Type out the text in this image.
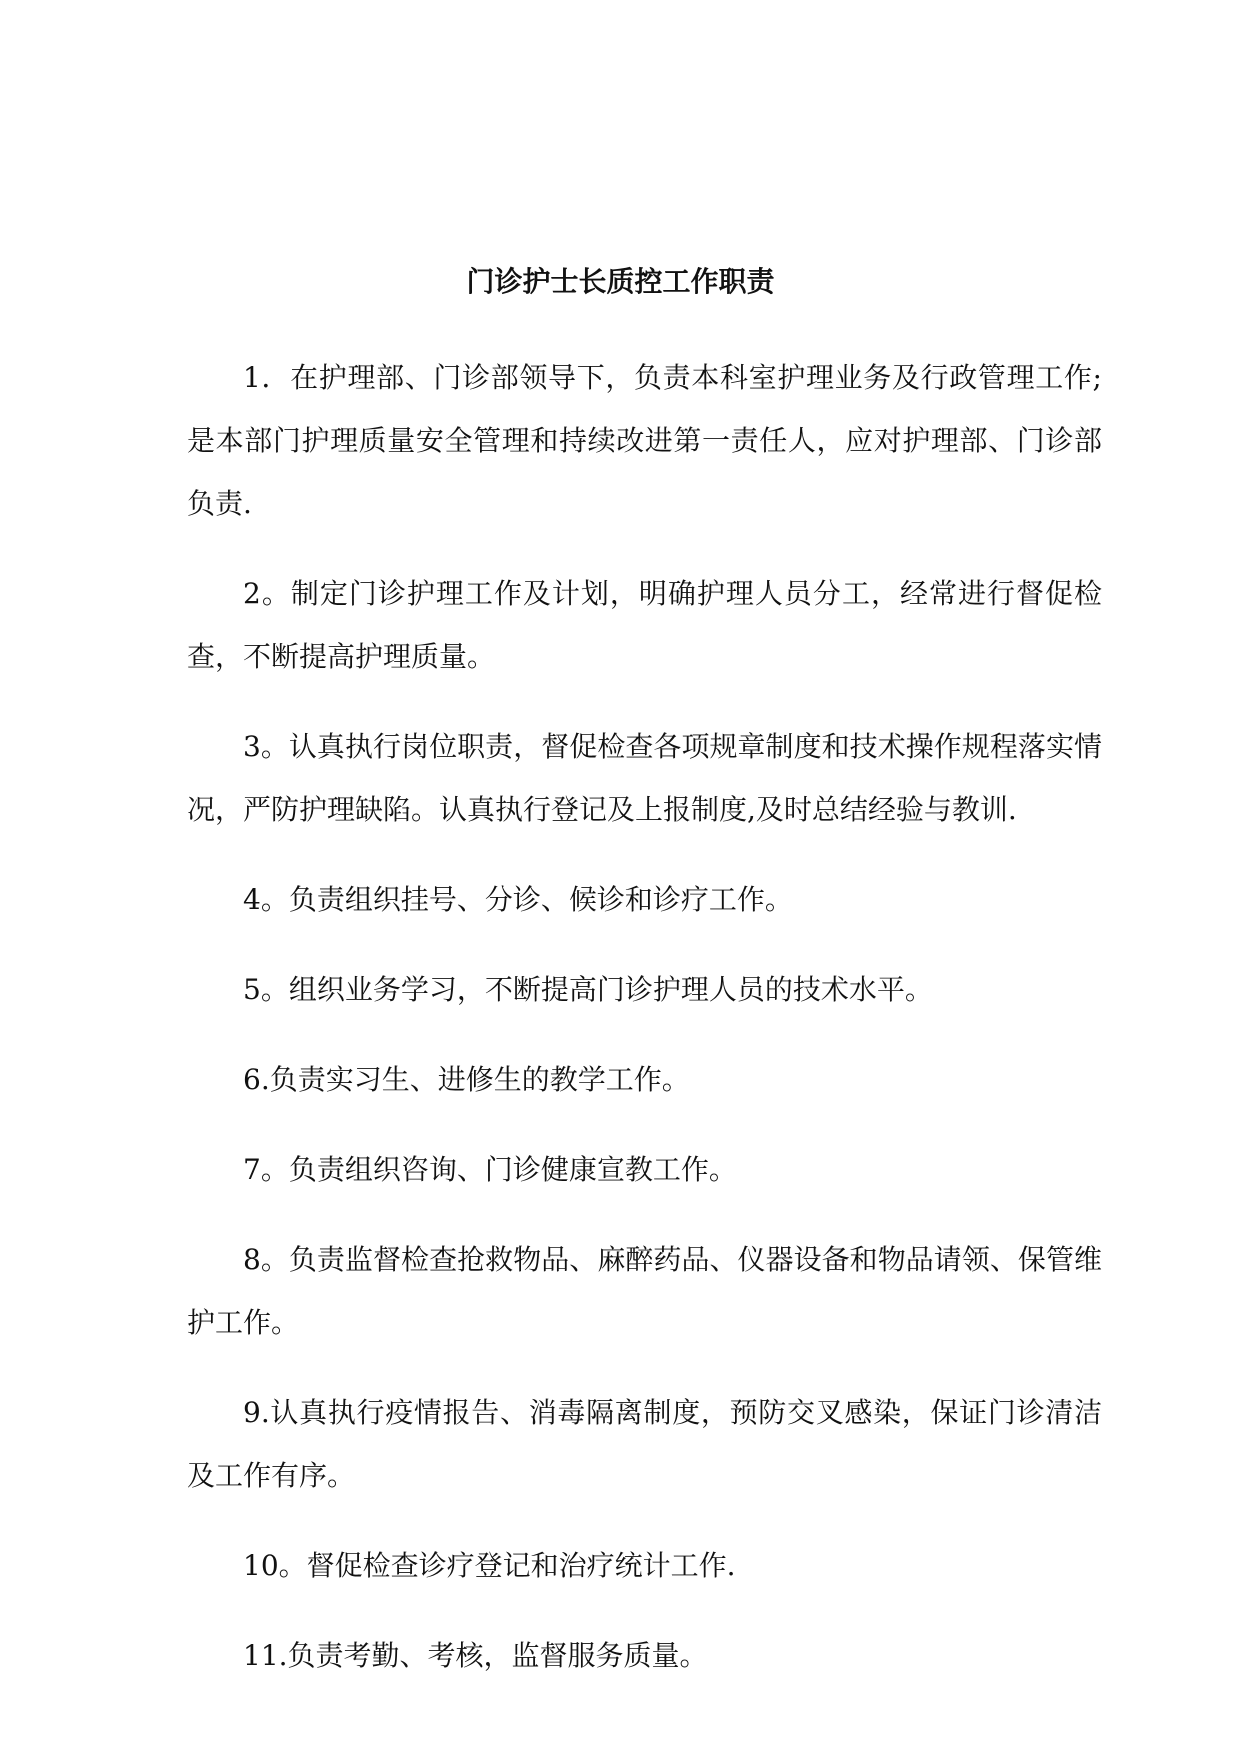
门诊护士长质控工作职责

1．在护理部、门诊部领导下，负责本科室护理业务及行政管理工作;是本部门护理质量安全管理和持续改进第一责任人，应对护理部、门诊部负责.

2。制定门诊护理工作及计划，明确护理人员分工，经常进行督促检查，不断提高护理质量。

3。认真执行岗位职责，督促检查各项规章制度和技术操作规程落实情况，严防护理缺陷。认真执行登记及上报制度,及时总结经验与教训.

4。负责组织挂号、分诊、候诊和诊疗工作。

5。组织业务学习，不断提高门诊护理人员的技术水平。

6.负责实习生、进修生的教学工作。

7。负责组织咨询、门诊健康宣教工作。

8。负责监督检查抢救物品、麻醉药品、仪器设备和物品请领、保管维护工作。

9.认真执行疫情报告、消毒隔离制度，预防交叉感染，保证门诊清洁及工作有序。

10。督促检查诊疗登记和治疗统计工作.

11.负责考勤、考核，监督服务质量。
